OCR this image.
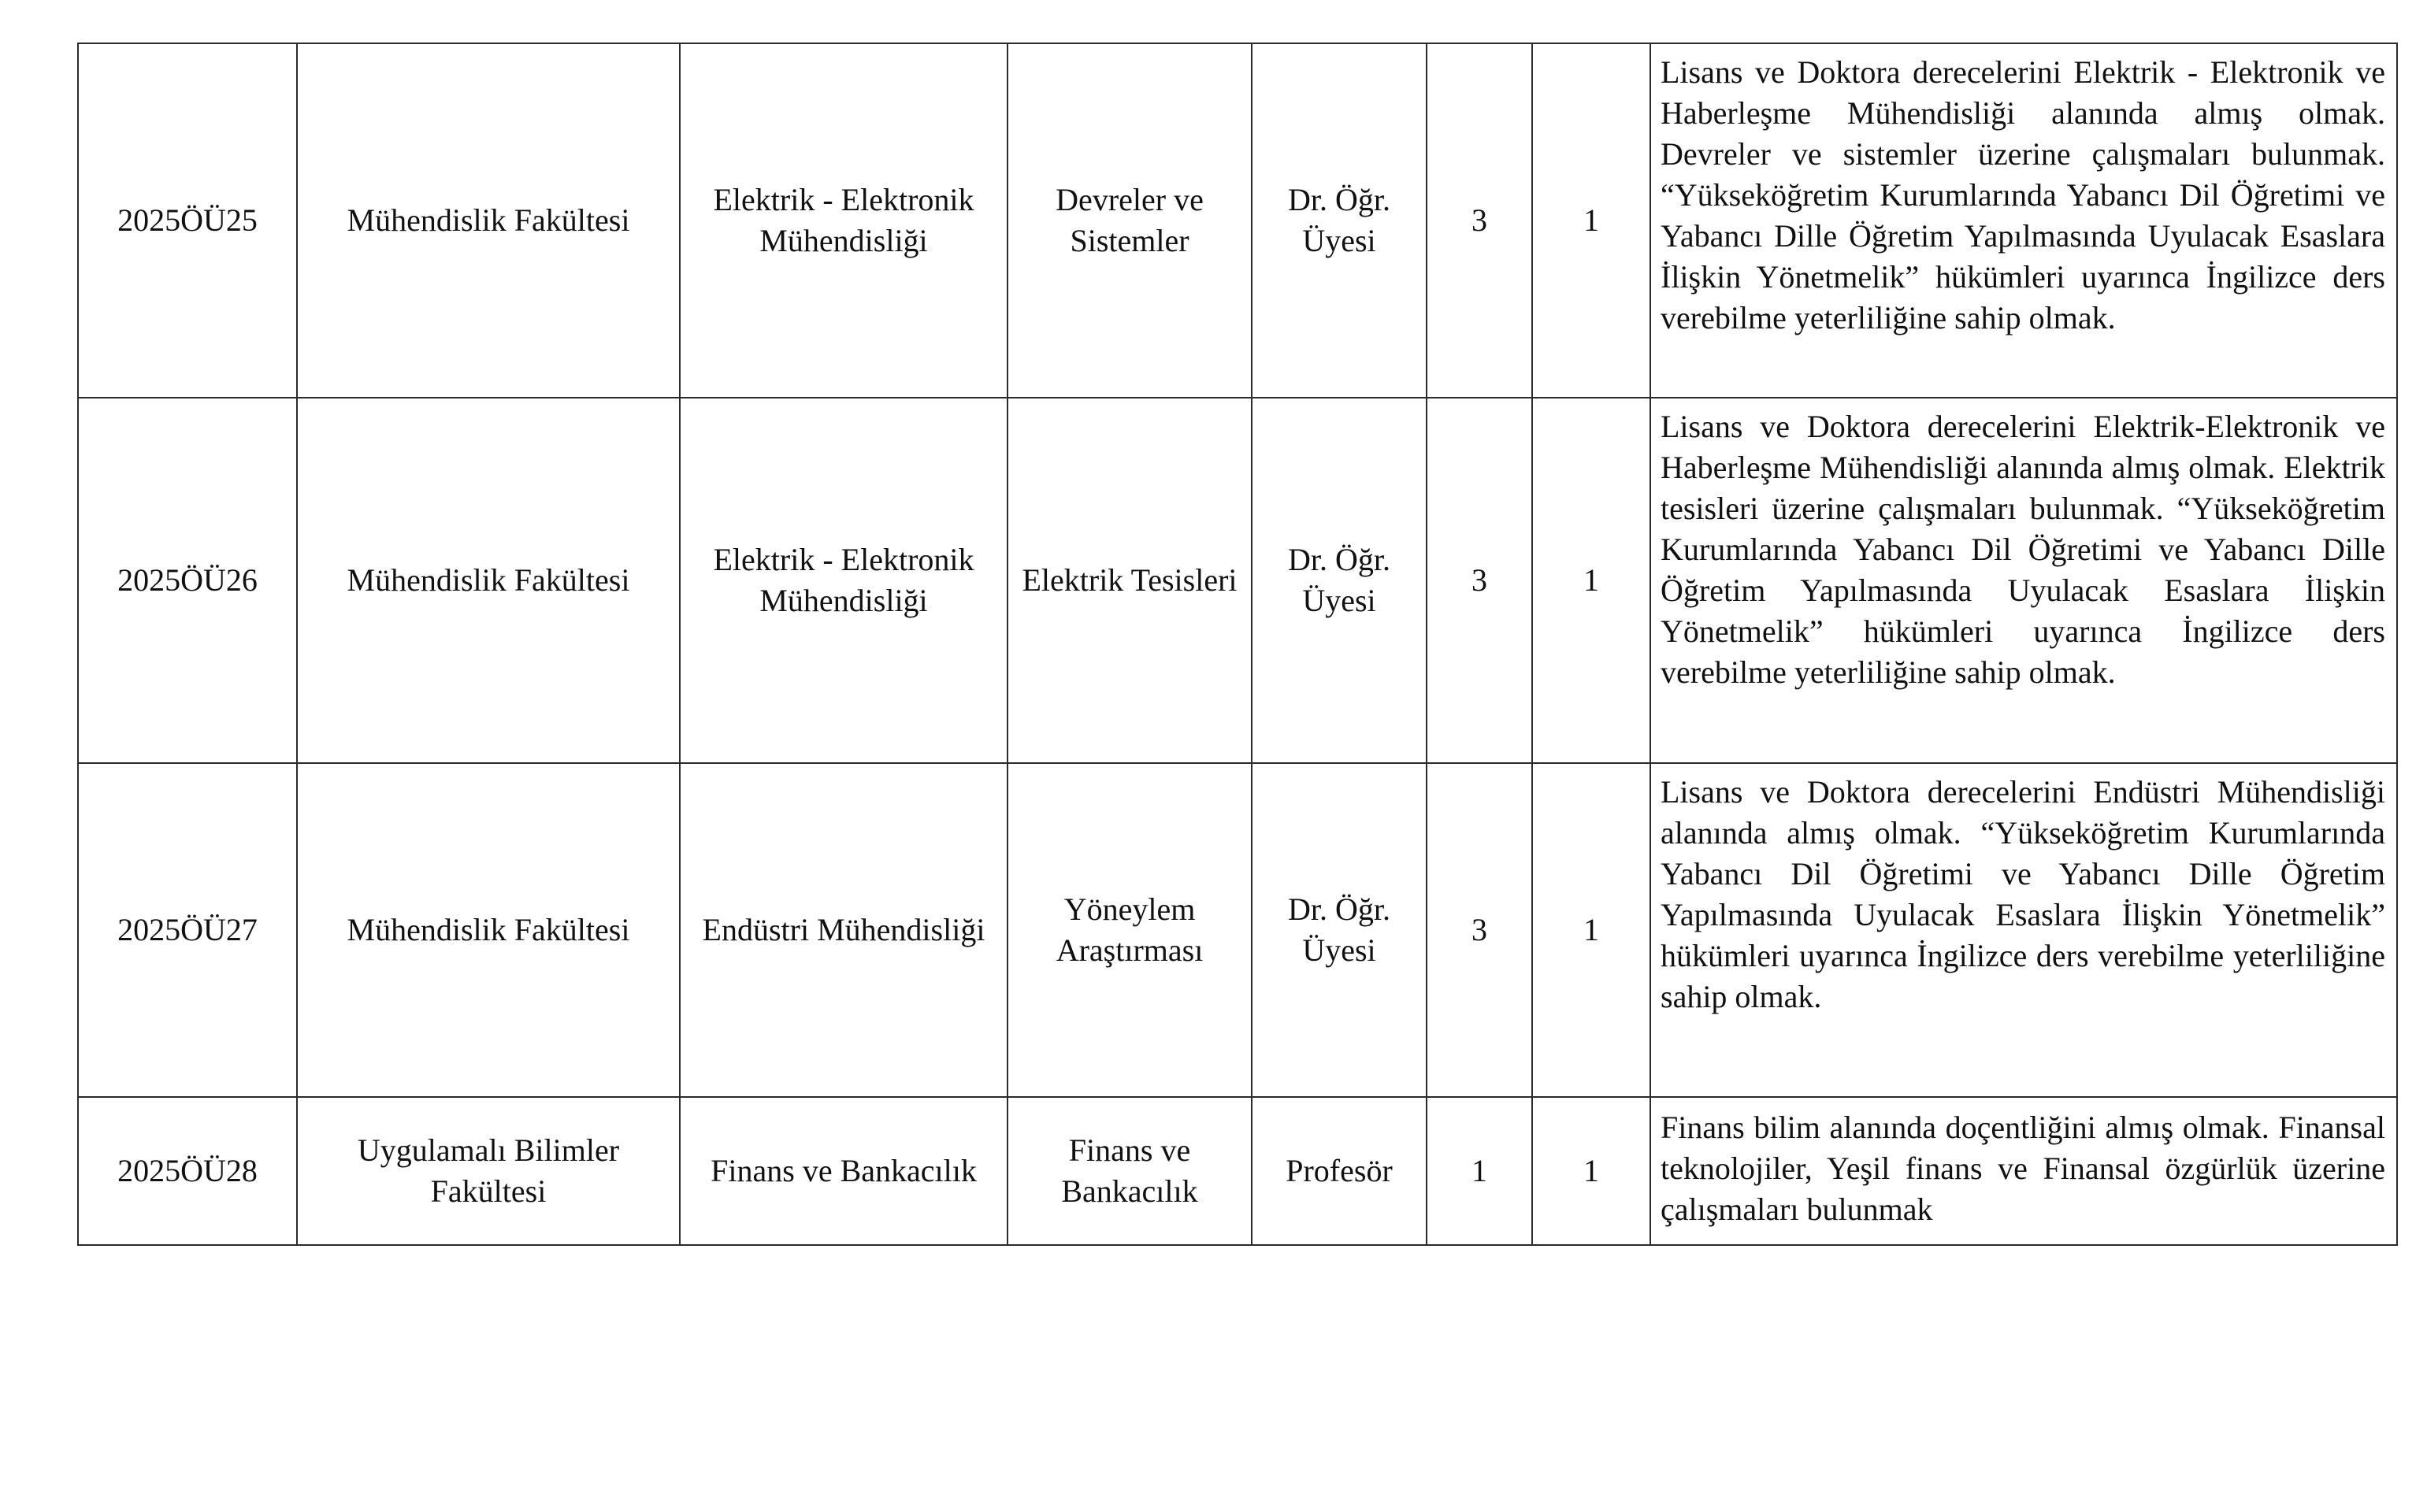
2025ÖÜ25	Mühendislik Fakültesi	Elektrik - Elektronik Mühendisliği	Devreler ve Sistemler	Dr. Öğr. Üyesi	3	1	Lisans ve Doktora derecelerini Elektrik - Elektronik ve Haberleşme Mühendisliği alanında almış olmak. Devreler ve sistemler üzerine çalışmaları bulunmak. “Yükseköğretim Kurumlarında Yabancı Dil Öğretimi ve Yabancı Dille Öğretim Yapılmasında Uyulacak Esaslara İlişkin Yönetmelik” hükümleri uyarınca İngilizce ders verebilme yeterliliğine sahip olmak.
2025ÖÜ26	Mühendislik Fakültesi	Elektrik - Elektronik Mühendisliği	Elektrik Tesisleri	Dr. Öğr. Üyesi	3	1	Lisans ve Doktora derecelerini Elektrik-Elektronik ve Haberleşme Mühendisliği alanında almış olmak. Elektrik tesisleri üzerine çalışmaları bulunmak. “Yükseköğretim Kurumlarında Yabancı Dil Öğretimi ve Yabancı Dille Öğretim Yapılmasında Uyulacak Esaslara İlişkin Yönetmelik” hükümleri uyarınca İngilizce ders verebilme yeterliliğine sahip olmak.
2025ÖÜ27	Mühendislik Fakültesi	Endüstri Mühendisliği	Yöneylem Araştırması	Dr. Öğr. Üyesi	3	1	Lisans ve Doktora derecelerini Endüstri Mühendisliği alanında almış olmak. “Yükseköğretim Kurumlarında Yabancı Dil Öğretimi ve Yabancı Dille Öğretim Yapılmasında Uyulacak Esaslara İlişkin Yönetmelik” hükümleri uyarınca İngilizce ders verebilme yeterliliğine sahip olmak.
2025ÖÜ28	Uygulamalı Bilimler Fakültesi	Finans ve Bankacılık	Finans ve Bankacılık	Profesör	1	1	Finans bilim alanında doçentliğini almış olmak. Finansal teknolojiler, Yeşil finans ve Finansal özgürlük üzerine çalışmaları bulunmak
